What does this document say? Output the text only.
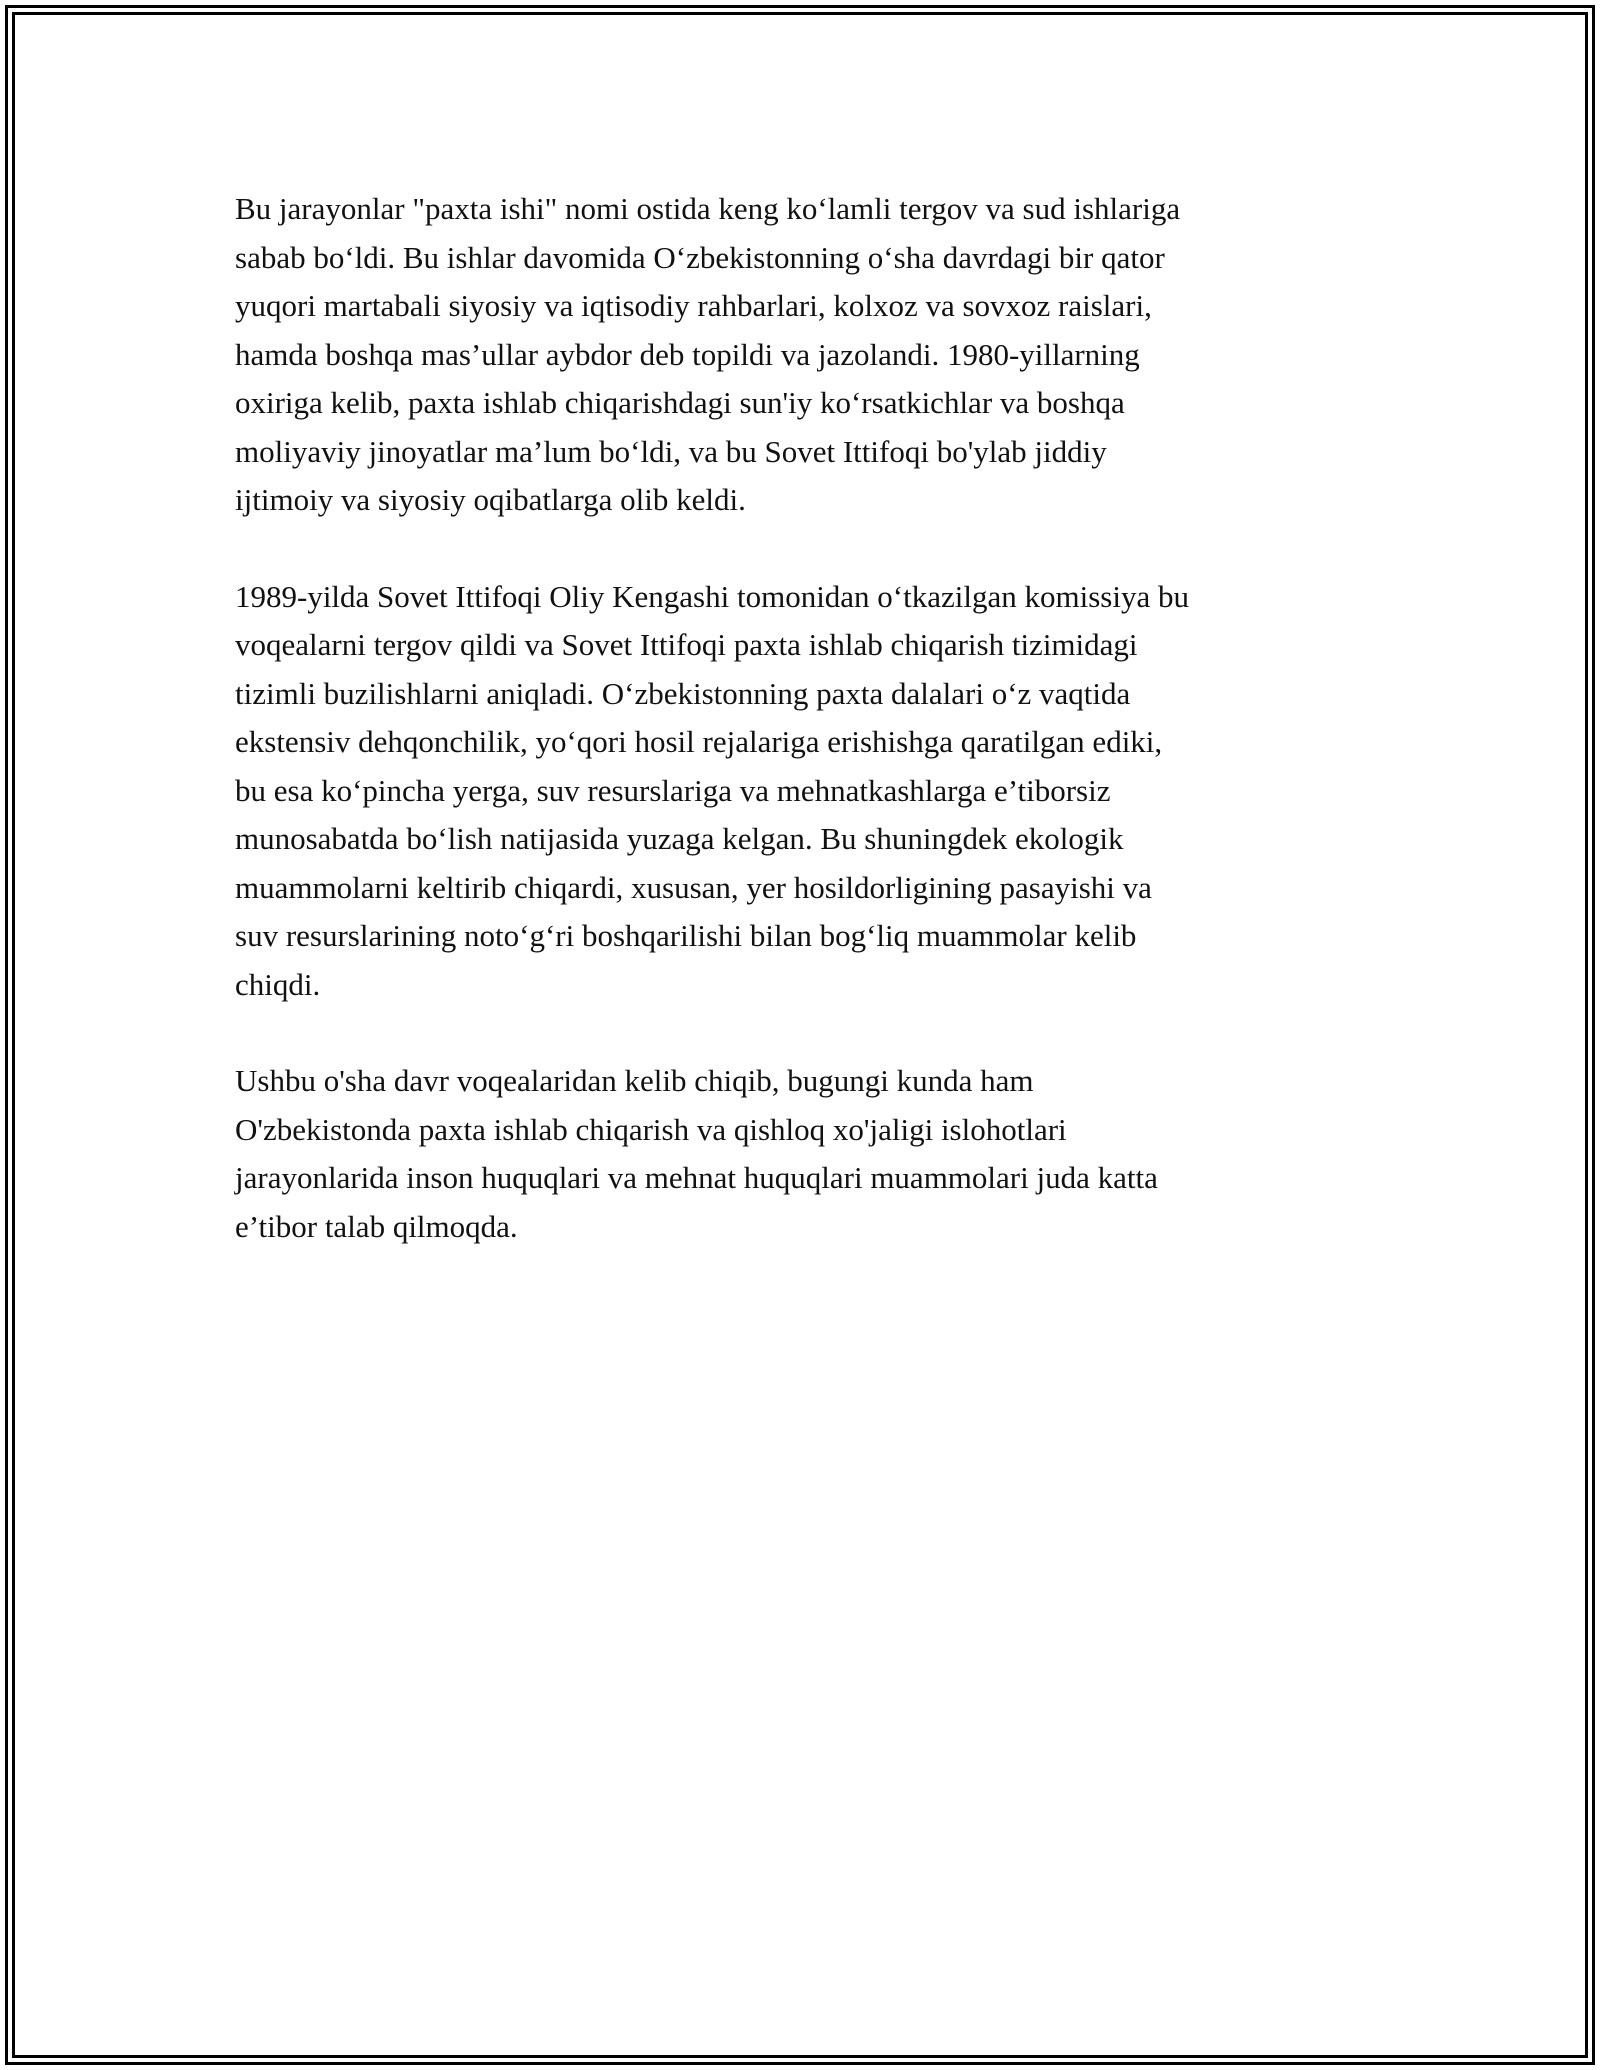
Bu jarayonlar "paxta ishi" nomi ostida keng ko‘lamli tergov va sud ishlariga
sabab bo‘ldi. Bu ishlar davomida O‘zbekistonning o‘sha davrdagi bir qator
yuqori martabali siyosiy va iqtisodiy rahbarlari, kolxoz va sovxoz raislari,
hamda boshqa mas’ullar aybdor deb topildi va jazolandi. 1980-yillarning
oxiriga kelib, paxta ishlab chiqarishdagi sun'iy ko‘rsatkichlar va boshqa
moliyaviy jinoyatlar ma’lum bo‘ldi, va bu Sovet Ittifoqi bo'ylab jiddiy
ijtimoiy va siyosiy oqibatlarga olib keldi.

1989-yilda Sovet Ittifoqi Oliy Kengashi tomonidan o‘tkazilgan komissiya bu
voqealarni tergov qildi va Sovet Ittifoqi paxta ishlab chiqarish tizimidagi
tizimli buzilishlarni aniqladi. O‘zbekistonning paxta dalalari o‘z vaqtida
ekstensiv dehqonchilik, yo‘qori hosil rejalariga erishishga qaratilgan ediki,
bu esa ko‘pincha yerga, suv resurslariga va mehnatkashlarga e’tiborsiz
munosabatda bo‘lish natijasida yuzaga kelgan. Bu shuningdek ekologik
muammolarni keltirib chiqardi, xususan, yer hosildorligining pasayishi va
suv resurslarining noto‘g‘ri boshqarilishi bilan bog‘liq muammolar kelib
chiqdi.

Ushbu o'sha davr voqealaridan kelib chiqib, bugungi kunda ham
O'zbekistonda paxta ishlab chiqarish va qishloq xo'jaligi islohotlari
jarayonlarida inson huquqlari va mehnat huquqlari muammolari juda katta
e’tibor talab qilmoqda.
